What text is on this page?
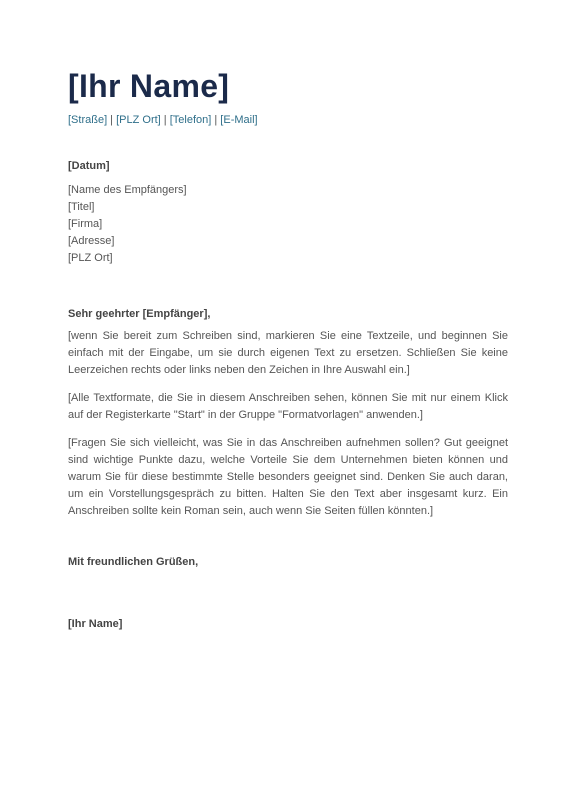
[Ihr Name]
[Straße] | [PLZ Ort] | [Telefon] | [E-Mail]
[Datum]
[Name des Empfängers]
[Titel]
[Firma]
[Adresse]
[PLZ Ort]
Sehr geehrter [Empfänger],

[wenn Sie bereit zum Schreiben sind, markieren Sie eine Textzeile, und beginnen Sie einfach mit der Eingabe, um sie durch eigenen Text zu ersetzen. Schließen Sie keine Leerzeichen rechts oder links neben den Zeichen in Ihre Auswahl ein.]

[Alle Textformate, die Sie in diesem Anschreiben sehen, können Sie mit nur einem Klick auf der Registerkarte "Start" in der Gruppe "Formatvorlagen" anwenden.]

[Fragen Sie sich vielleicht, was Sie in das Anschreiben aufnehmen sollen? Gut geeignet sind wichtige Punkte dazu, welche Vorteile Sie dem Unternehmen bieten können und warum Sie für diese bestimmte Stelle besonders geeignet sind. Denken Sie auch daran, um ein Vorstellungsgespräch zu bitten. Halten Sie den Text aber insgesamt kurz. Ein Anschreiben sollte kein Roman sein, auch wenn Sie Seiten füllen könnten.]

Mit freundlichen Grüßen,
[Ihr Name]
